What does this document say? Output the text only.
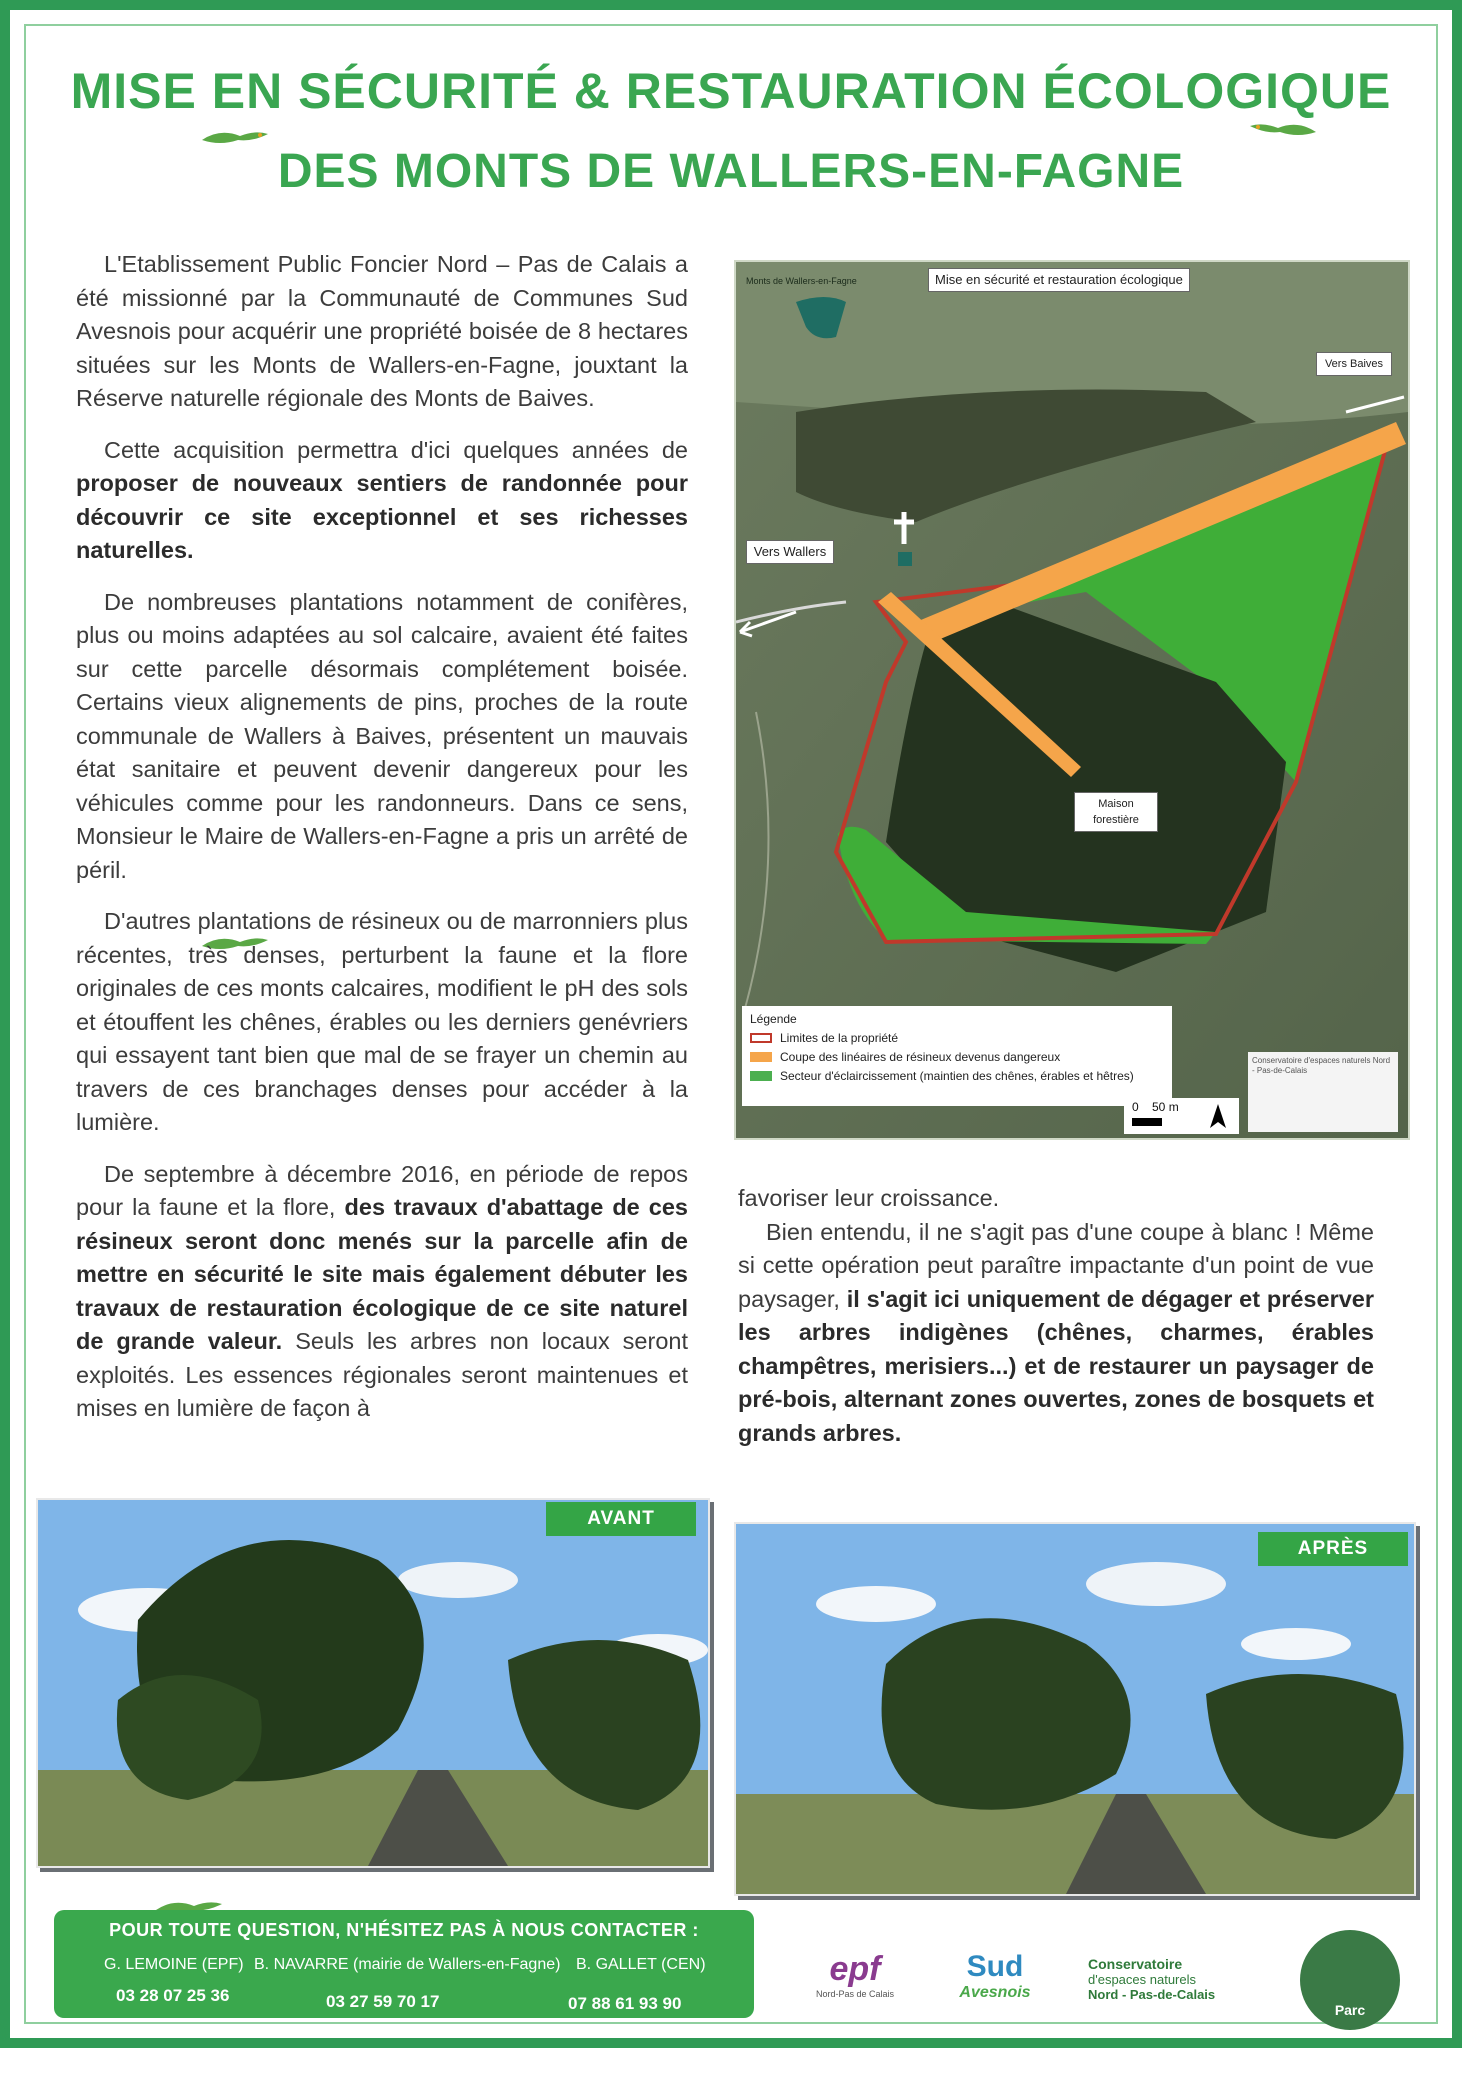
MISE EN SÉCURITÉ & RESTAURATION ÉCOLOGIQUE
DES MONTS DE WALLERS-EN-FAGNE

L'Etablissement Public Foncier Nord – Pas de Calais a été missionné par la Communauté de Communes Sud Avesnois pour acquérir une propriété boisée de 8 hectares situées sur les Monts de Wallers-en-Fagne, jouxtant la Réserve naturelle régionale des Monts de Baives.

Cette acquisition permettra d'ici quelques années de proposer de nouveaux sentiers de randonnée pour découvrir ce site exceptionnel et ses richesses naturelles.

De nombreuses plantations notamment de conifères, plus ou moins adaptées au sol calcaire, avaient été faites sur cette parcelle désormais complétement boisée. Certains vieux alignements de pins, proches de la route communale de Wallers à Baives, présentent un mauvais état sanitaire et peuvent devenir dangereux pour les véhicules comme pour les randonneurs. Dans ce sens, Monsieur le Maire de Wallers-en-Fagne a pris un arrêté de péril.

D'autres plantations de résineux ou de marronniers plus récentes, très denses, perturbent la faune et la flore originales de ces monts calcaires, modifient le pH des sols et étouffent les chênes, érables ou les derniers genévriers qui essayent tant bien que mal de se frayer un chemin au travers de ces branchages denses pour accéder à la lumière.

De septembre à décembre 2016, en période de repos pour la faune et la flore, des travaux d'abattage de ces résineux seront donc menés sur la parcelle afin de mettre en sécurité le site mais également débuter les travaux de restauration écologique de ce site naturel de grande valeur. Seuls les arbres non locaux seront exploités. Les essences régionales seront maintenues et mises en lumière de façon à

favoriser leur croissance.

Bien entendu, il ne s'agit pas d'une coupe à blanc ! Même si cette opération peut paraître impactante d'un point de vue paysager, il s'agit ici uniquement de dégager et préserver les arbres indigènes (chênes, charmes, érables champêtres, merisiers...) et de restaurer un paysager de pré-bois, alternant zones ouvertes, zones de bosquets et grands arbres.

Monts de Wallers-en-Fagne	Mise en sécurité et restauration écologique
Vers Baives
Vers Wallers
Maison forestière
Légende
Limites de la propriété
Coupe des linéaires de résineux devenus dangereux
Secteur d'éclaircissement (maintien des chênes, érables et hêtres)
0    50 m
Conservatoire d'espaces naturels Nord - Pas-de-Calais
AVANT
APRÈS
POUR TOUTE QUESTION, N'HÉSITEZ PAS À NOUS CONTACTER :
G. LEMOINE (EPF) B. NAVARRE (mairie de Wallers-en-Fagne) B. GALLET (CEN)
03 28 07 25 36	03 27 59 70 17	07 88 61 93 90
epf
Nord-Pas de Calais
Sud
Avesnois
Conservatoire
d'espaces naturels
Nord - Pas-de-Calais
Parc
